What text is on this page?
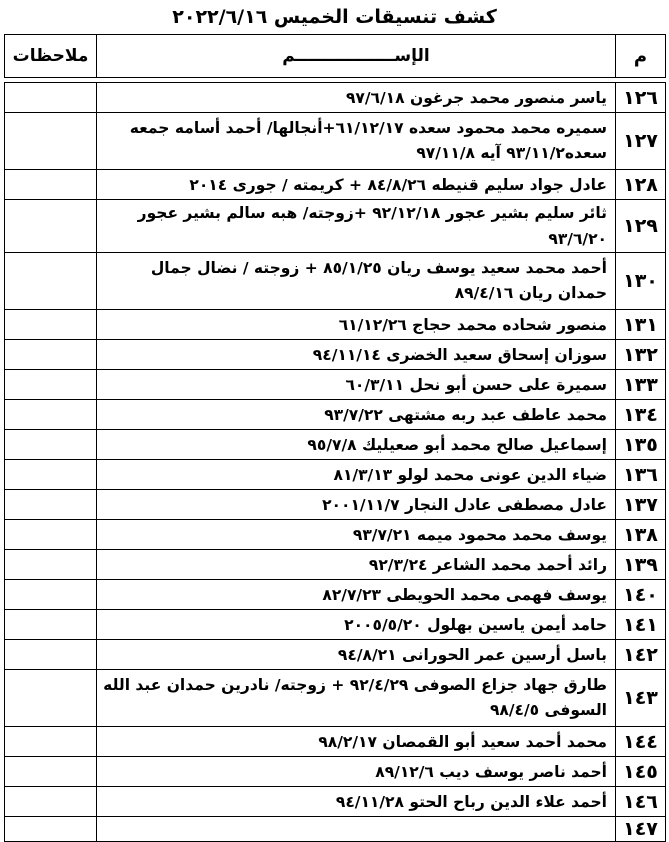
كشف تنسيقات الخميس ٢٠٢٢/٦/١٦
م	الإســـــــــــــــــم	ملاحظات

١٢٦	ياسر منصور محمد جرغون ٩٧/٦/١٨	
١٢٧	سميره محمد محمود سعده ٦١/١٢/١٧+أنجالها/ أحمد أسامه جمعه سعده٩٣/١١/٢ آيه ٩٧/١١/٨	
١٢٨	عادل جواد سليم قنيطه ٨٤/٨/٢٦ + كريمته / جورى ٢٠١٤	
١٢٩	ثائر سليم بشير عجور ٩٢/١٢/١٨ +زوجته/ هبه سالم بشير عجور ٩٣/٦/٢٠	
١٣٠	أحمد محمد سعيد يوسف ريان ٨٥/١/٢٥ + زوجته / نضال جمال حمدان ريان ٨٩/٤/١٦	
١٣١	منصور شحاده محمد حجاج ٦١/١٢/٢٦	
١٣٢	سوزان إسحاق سعيد الخضرى ٩٤/١١/١٤	
١٣٣	سميرة على حسن أبو نحل ٦٠/٣/١١	
١٣٤	محمد عاطف عبد ربه مشتهى ٩٣/٧/٢٢	
١٣٥	إسماعيل صالح محمد أبو صعيليك ٩٥/٧/٨	
١٣٦	ضياء الدين عونى محمد لولو ٨١/٣/١٣	
١٣٧	عادل مصطفى عادل النجار ٢٠٠١/١١/٧	
١٣٨	يوسف محمد محمود ميمه ٩٣/٧/٢١	
١٣٩	رائد أحمد محمد الشاعر ٩٢/٣/٢٤	
١٤٠	يوسف فهمى محمد الحويطى ٨٢/٧/٢٣	
١٤١	حامد أيمن ياسين بهلول ٢٠٠٥/٥/٢٠	
١٤٢	باسل أرسين عمر الحورانى ٩٤/٨/٢١	
١٤٣	طارق جهاد جزاع الصوفى ٩٢/٤/٢٩ + زوجته/ نادرين حمدان عبد الله السوفى ٩٨/٤/٥	
١٤٤	محمد أحمد سعيد أبو القمصان ٩٨/٢/١٧	
١٤٥	أحمد ناصر يوسف ديب ٨٩/١٢/٦	
١٤٦	أحمد علاء الدين رباح الحتو ٩٤/١١/٢٨	
١٤٧		
